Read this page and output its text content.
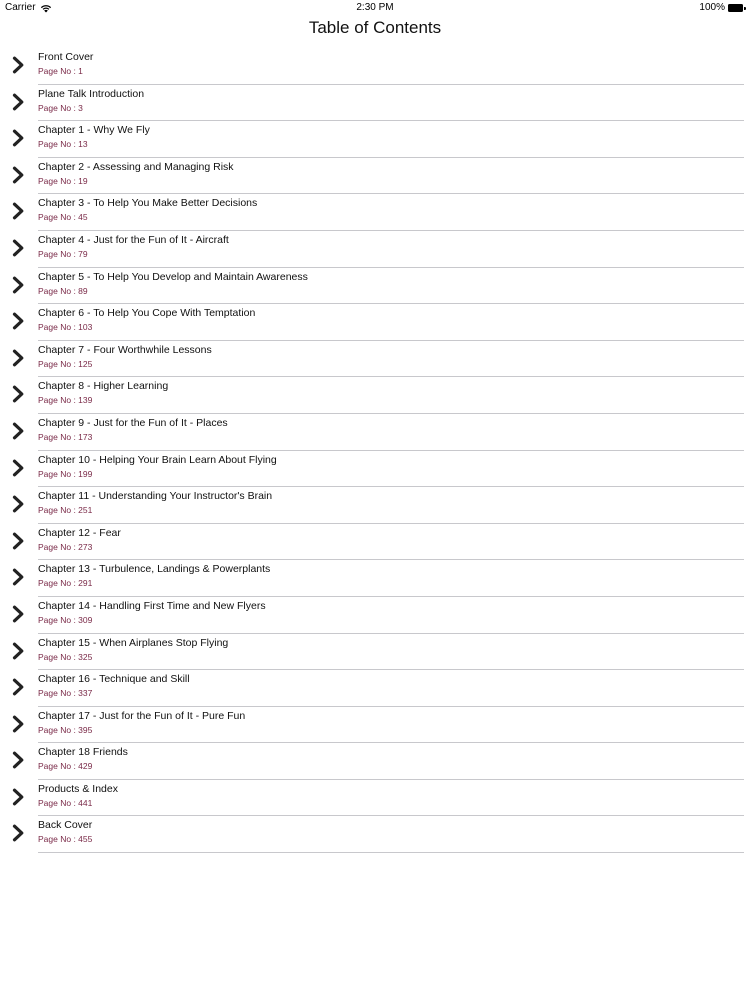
Carrier	2:30 PM	100%
Table of Contents
Front Cover
Page No : 1
Plane Talk Introduction
Page No : 3
Chapter 1 - Why We Fly
Page No : 13
Chapter 2 - Assessing and Managing Risk
Page No : 19
Chapter 3 - To Help You Make Better Decisions
Page No : 45
Chapter 4 - Just for the Fun of It - Aircraft
Page No : 79
Chapter 5 - To Help You Develop and Maintain Awareness
Page No : 89
Chapter 6 - To Help You Cope With Temptation
Page No : 103
Chapter 7 - Four Worthwhile Lessons
Page No : 125
Chapter 8 - Higher Learning
Page No : 139
Chapter 9 - Just for the Fun of It - Places
Page No : 173
Chapter 10 - Helping Your Brain Learn About Flying
Page No : 199
Chapter 11 - Understanding Your Instructor's Brain
Page No : 251
Chapter 12 - Fear
Page No : 273
Chapter 13 - Turbulence, Landings & Powerplants
Page No : 291
Chapter 14 - Handling First Time and New Flyers
Page No : 309
Chapter 15 - When Airplanes Stop Flying
Page No : 325
Chapter 16 - Technique and Skill
Page No : 337
Chapter 17 - Just for the Fun of It - Pure Fun
Page No : 395
Chapter 18 Friends
Page No : 429
Products & Index
Page No : 441
Back Cover
Page No : 455
